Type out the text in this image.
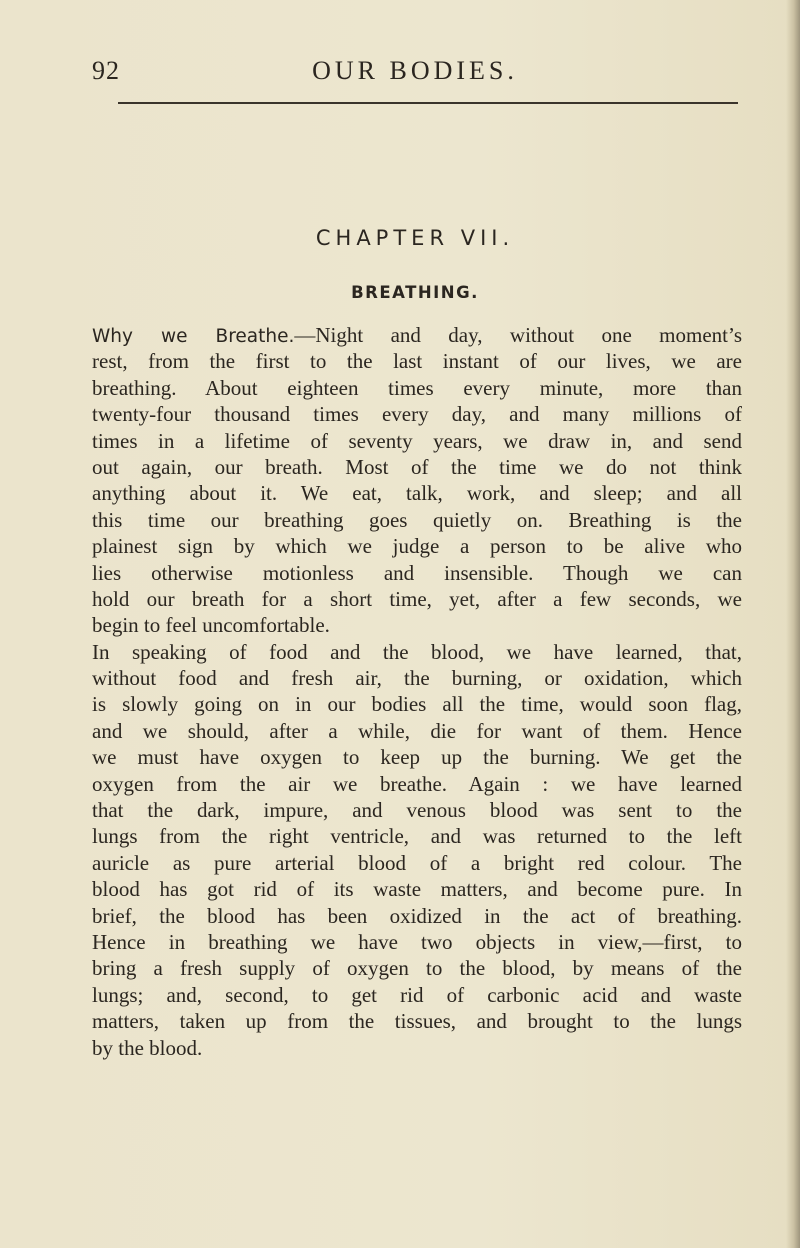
92	OUR BODIES.
CHAPTER VII.
BREATHING.
Why we Breathe.—Night and day, without one moment’s
rest, from the first to the last instant of our lives, we are
breathing. About eighteen times every minute, more than
twenty-four thousand times every day, and many millions of
times in a lifetime of seventy years, we draw in, and send
out again, our breath. Most of the time we do not think
anything about it. We eat, talk, work, and sleep; and all
this time our breathing goes quietly on. Breathing is the
plainest sign by which we judge a person to be alive who
lies otherwise motionless and insensible. Though we can
hold our breath for a short time, yet, after a few seconds, we
begin to feel uncomfortable.
In speaking of food and the blood, we have learned, that,
without food and fresh air, the burning, or oxidation, which
is slowly going on in our bodies all the time, would soon flag,
and we should, after a while, die for want of them. Hence
we must have oxygen to keep up the burning. We get the
oxygen from the air we breathe. Again : we have learned
that the dark, impure, and venous blood was sent to the
lungs from the right ventricle, and was returned to the left
auricle as pure arterial blood of a bright red colour. The
blood has got rid of its waste matters, and become pure. In
brief, the blood has been oxidized in the act of breathing.
Hence in breathing we have two objects in view,—first, to
bring a fresh supply of oxygen to the blood, by means of the
lungs; and, second, to get rid of carbonic acid and waste
matters, taken up from the tissues, and brought to the lungs
by the blood.
